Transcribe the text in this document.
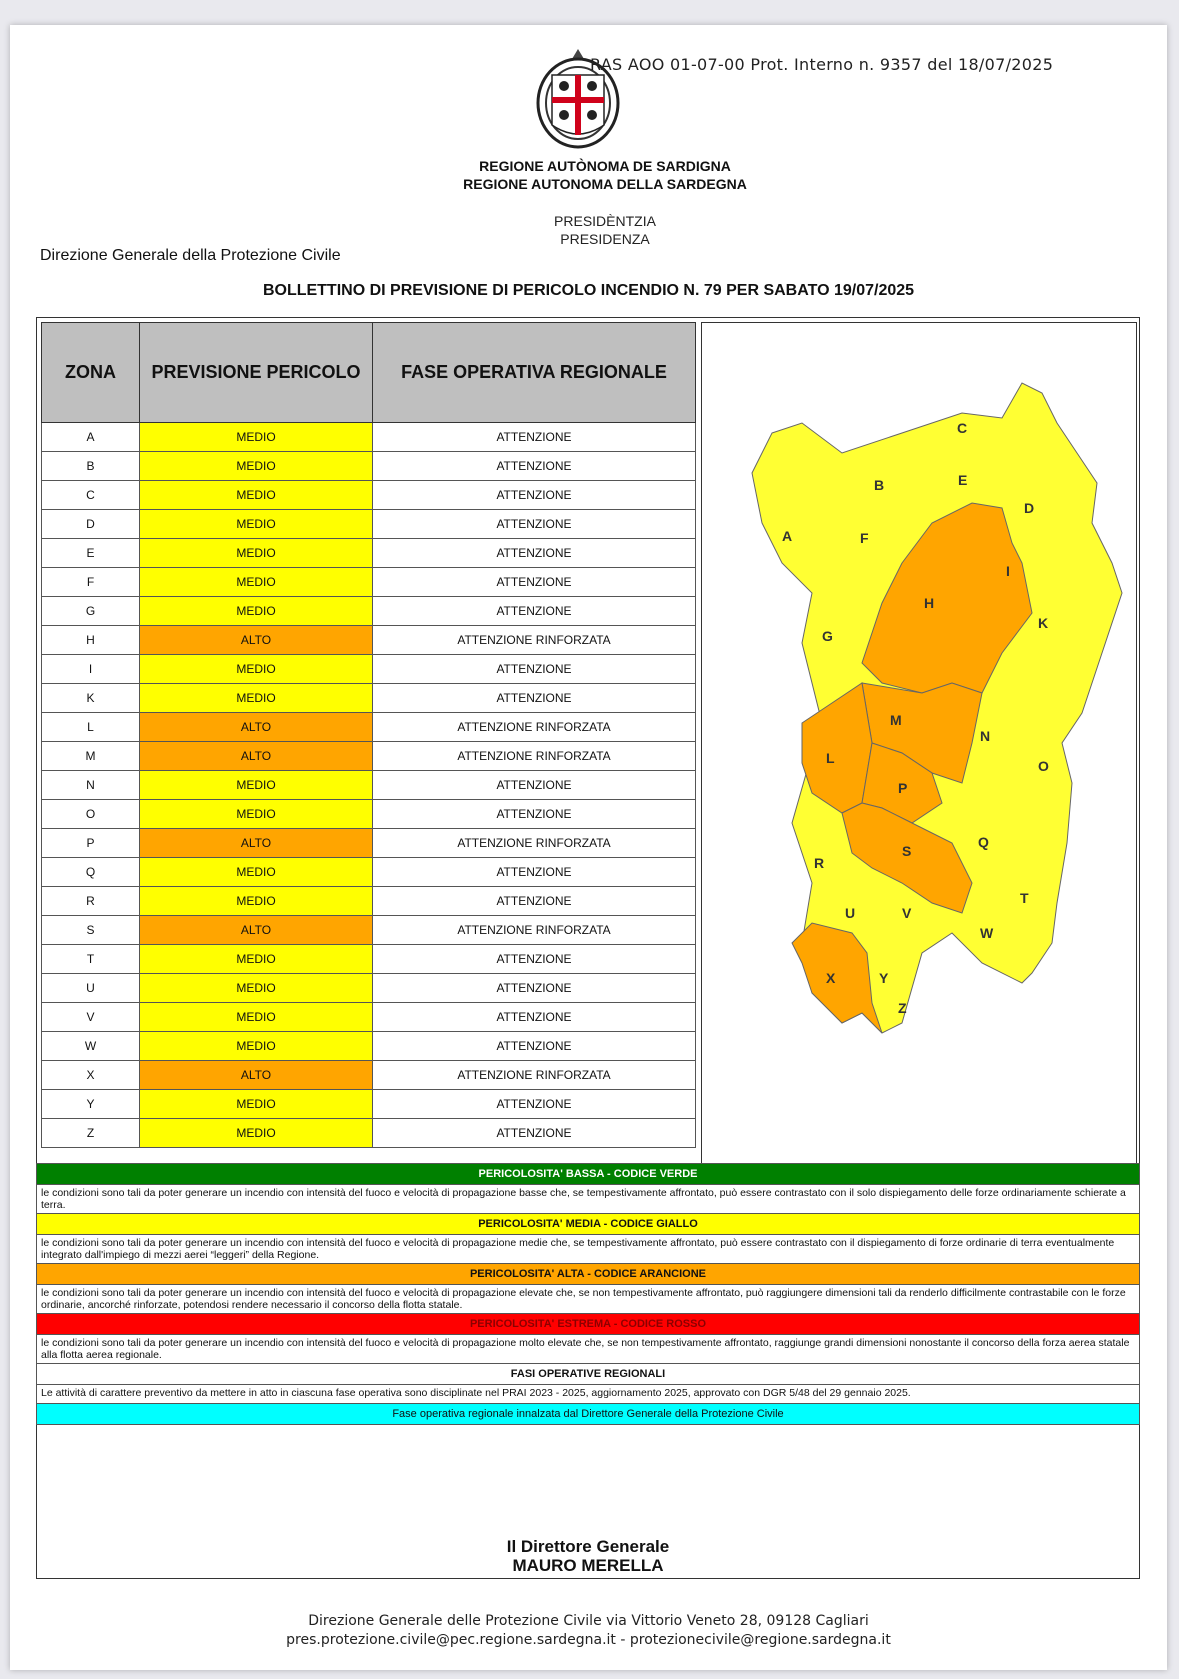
RAS AOO 01-07-00 Prot. Interno n. 9357 del 18/07/2025
REGIONE AUTÒNOMA DE SARDIGNA
REGIONE AUTONOMA DELLA SARDEGNA
PRESIDÈNTZIA
PRESIDENZA
Direzione Generale della Protezione Civile
BOLLETTINO DI PREVISIONE DI PERICOLO INCENDIO N. 79 PER SABATO 19/07/2025
ZONA	PREVISIONE PERICOLO	FASE OPERATIVA REGIONALE
A	MEDIO	ATTENZIONE
B	MEDIO	ATTENZIONE
C	MEDIO	ATTENZIONE
D	MEDIO	ATTENZIONE
E	MEDIO	ATTENZIONE
F	MEDIO	ATTENZIONE
G	MEDIO	ATTENZIONE
H	ALTO	ATTENZIONE RINFORZATA
I	MEDIO	ATTENZIONE
K	MEDIO	ATTENZIONE
L	ALTO	ATTENZIONE RINFORZATA
M	ALTO	ATTENZIONE RINFORZATA
N	MEDIO	ATTENZIONE
O	MEDIO	ATTENZIONE
P	ALTO	ATTENZIONE RINFORZATA
Q	MEDIO	ATTENZIONE
R	MEDIO	ATTENZIONE
S	ALTO	ATTENZIONE RINFORZATA
T	MEDIO	ATTENZIONE
U	MEDIO	ATTENZIONE
V	MEDIO	ATTENZIONE
W	MEDIO	ATTENZIONE
X	ALTO	ATTENZIONE RINFORZATA
Y	MEDIO	ATTENZIONE
Z	MEDIO	ATTENZIONE
A
B
C
D
E
F
G
H
I
K
L
M
N
O
P
Q
R
S
T
U	V
W
X	Y
Z
PERICOLOSITA' BASSA - CODICE VERDE
le condizioni sono tali da poter generare un incendio con intensità del fuoco e velocità di propagazione basse che, se tempestivamente affrontato, può essere contrastato con il solo dispiegamento delle forze ordinariamente schierate a terra.
PERICOLOSITA' MEDIA - CODICE GIALLO
le condizioni sono tali da poter generare un incendio con intensità del fuoco e velocità di propagazione medie che, se tempestivamente affrontato, può essere contrastato con il dispiegamento di forze ordinarie di terra eventualmente integrato dall'impiego di mezzi aerei “leggeri” della Regione.
PERICOLOSITA' ALTA - CODICE ARANCIONE
le condizioni sono tali da poter generare un incendio con intensità del fuoco e velocità di propagazione elevate che, se non tempestivamente affrontato, può raggiungere dimensioni tali da renderlo difficilmente contrastabile con le forze ordinarie, ancorché rinforzate, potendosi rendere necessario il concorso della flotta statale.
PERICOLOSITA' ESTREMA - CODICE ROSSO
le condizioni sono tali da poter generare un incendio con intensità del fuoco e velocità di propagazione molto elevate che, se non tempestivamente affrontato, raggiunge grandi dimensioni nonostante il concorso della forza aerea statale alla flotta aerea regionale.
FASI OPERATIVE REGIONALI
Le attività di carattere preventivo da mettere in atto in ciascuna fase operativa sono disciplinate nel PRAI 2023 - 2025, aggiornamento 2025, approvato con DGR 5/48 del 29 gennaio 2025.
Fase operativa regionale innalzata dal Direttore Generale della Protezione Civile
Il Direttore Generale
MAURO MERELLA
Direzione Generale delle Protezione Civile via Vittorio Veneto 28, 09128 Cagliari
pres.protezione.civile@pec.regione.sardegna.it - protezionecivile@regione.sardegna.it
